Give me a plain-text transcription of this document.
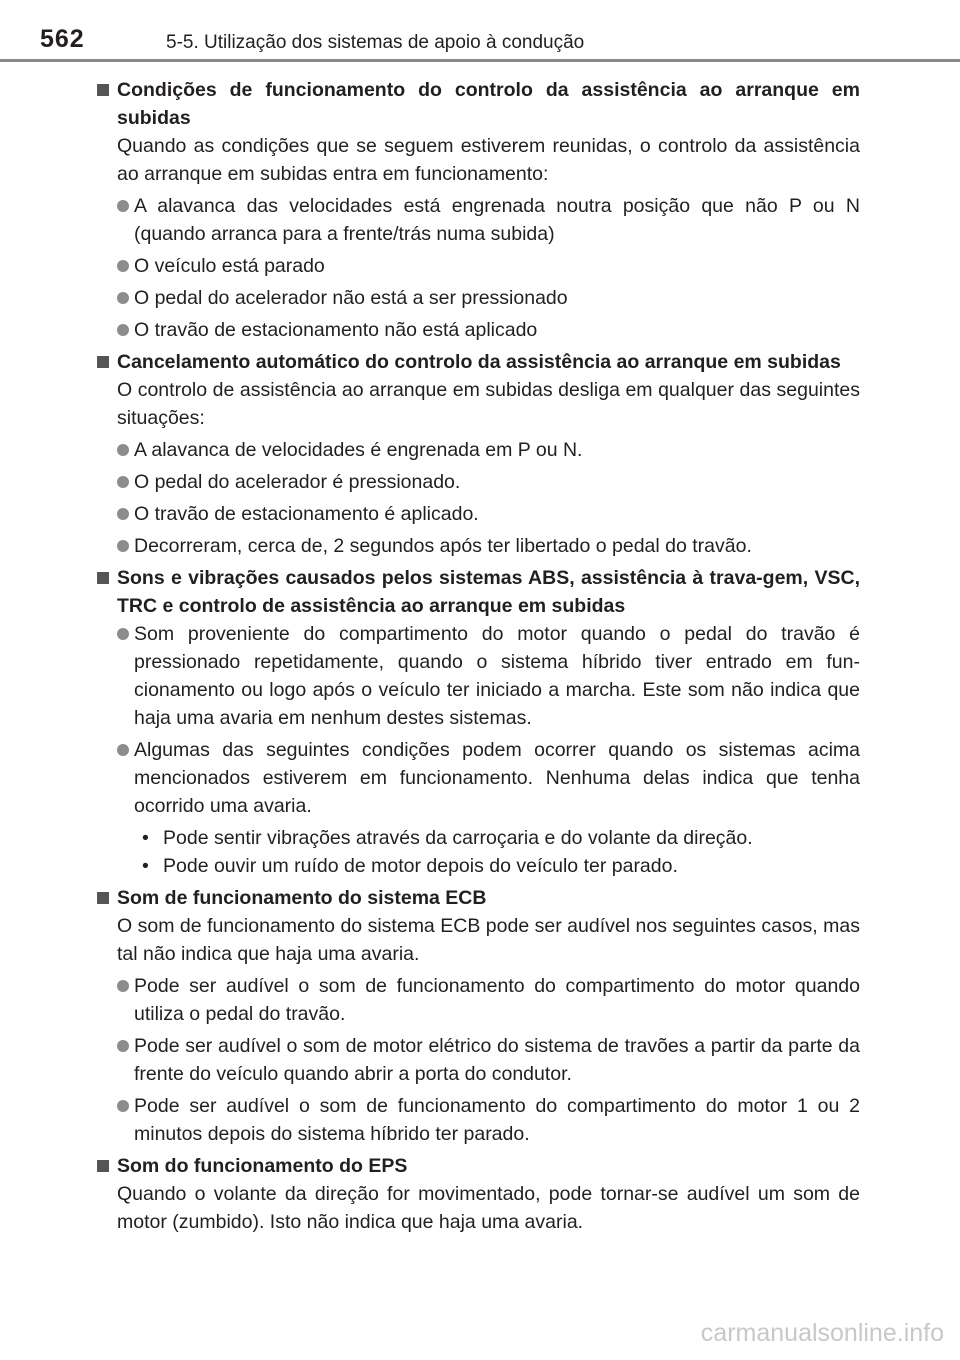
562	5-5. Utilização dos sistemas de apoio à condução
Condições de funcionamento do controlo da assistência ao arranque em subidas
Quando as condições que se seguem estiverem reunidas, o controlo da assistência ao arranque em subidas entra em funcionamento:
A alavanca das velocidades está engrenada noutra posição que não P ou N (quando arranca para a frente/trás numa subida)
O veículo está parado
O pedal do acelerador não está a ser pressionado
O travão de estacionamento não está aplicado
Cancelamento automático do controlo da assistência ao arranque em subidas
O controlo de assistência ao arranque em subidas desliga em qualquer das seguintes situações:
A alavanca de velocidades é engrenada em P ou N.
O pedal do acelerador é pressionado.
O travão de estacionamento é aplicado.
Decorreram, cerca de, 2 segundos após ter libertado o pedal do travão.
Sons e vibrações causados pelos sistemas ABS, assistência à trava-gem, VSC, TRC e controlo de assistência ao arranque em subidas
Som proveniente do compartimento do motor quando o pedal do travão é pressionado repetidamente, quando o sistema híbrido tiver entrado em fun-cionamento ou logo após o veículo ter iniciado a marcha. Este som não indica que haja uma avaria em nenhum destes sistemas.
Algumas das seguintes condições podem ocorrer quando os sistemas acima mencionados estiverem em funcionamento. Nenhuma delas indica que tenha ocorrido uma avaria.
• Pode sentir vibrações através da carroçaria e do volante da direção.
• Pode ouvir um ruído de motor depois do veículo ter parado.
Som de funcionamento do sistema ECB
O som de funcionamento do sistema ECB pode ser audível nos seguintes casos, mas tal não indica que haja uma avaria.
Pode ser audível o som de funcionamento do compartimento do motor quando utiliza o pedal do travão.
Pode ser audível o som de motor elétrico do sistema de travões a partir da parte da frente do veículo quando abrir a porta do condutor.
Pode ser audível o som de funcionamento do compartimento do motor 1 ou 2 minutos depois do sistema híbrido ter parado.
Som do funcionamento do EPS
Quando o volante da direção for movimentado, pode tornar-se audível um som de motor (zumbido). Isto não indica que haja uma avaria.
carmanualsonline.info
